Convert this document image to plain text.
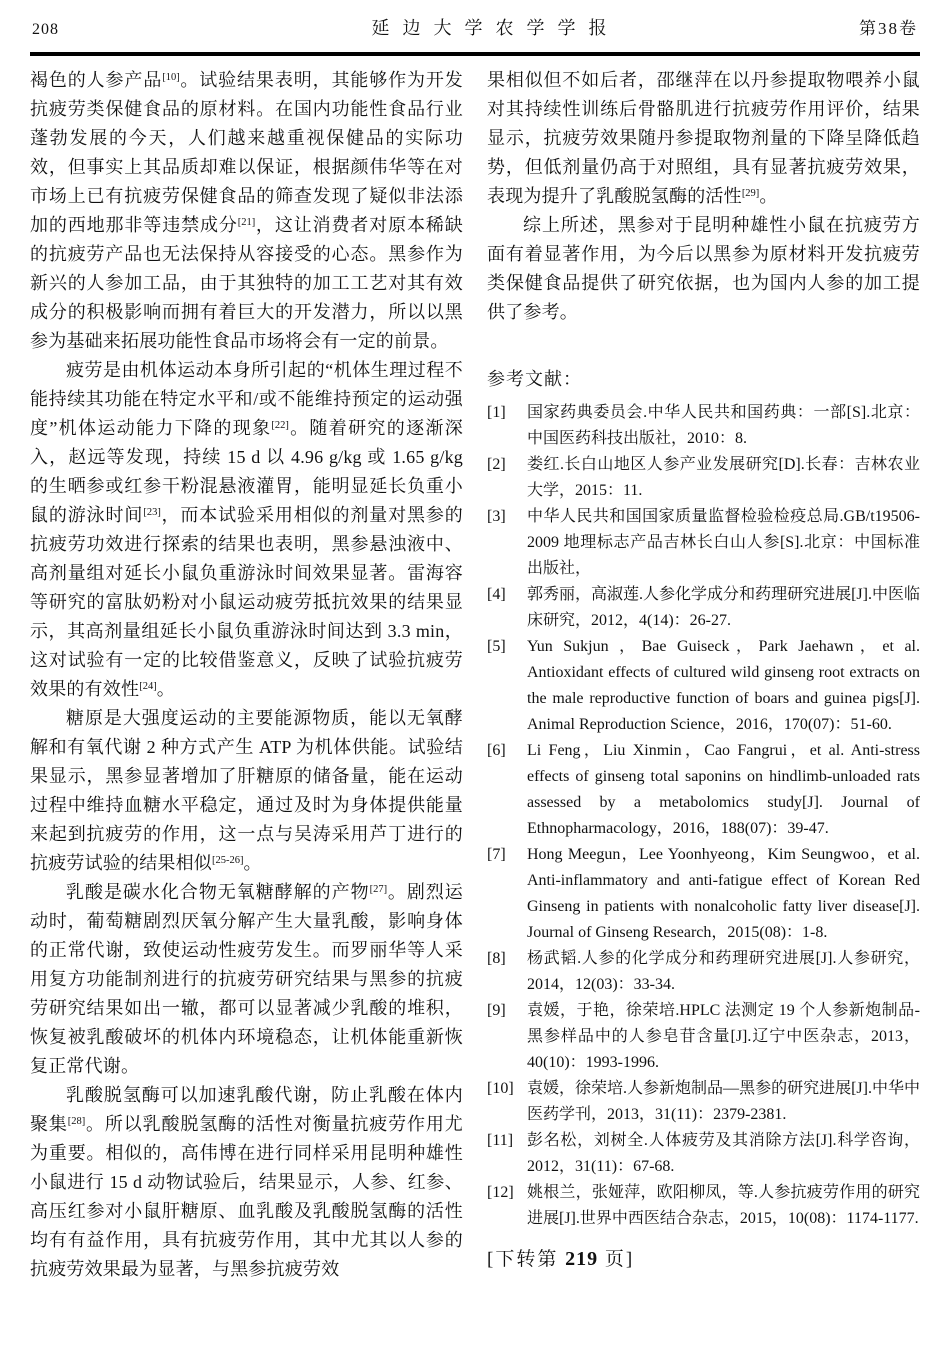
208	延边大学农学学报	第38卷

褐色的人参产品[10]。试验结果表明，其能够作为开发抗疲劳类保健食品的原材料。在国内功能性食品行业蓬勃发展的今天，人们越来越重视保健品的实际功效，但事实上其品质却难以保证，根据颜伟华等在对市场上已有抗疲劳保健食品的筛查发现了疑似非法添加的西地那非等违禁成分[21]，这让消费者对原本稀缺的抗疲劳产品也无法保持从容接受的心态。黑参作为新兴的人参加工品，由于其独特的加工工艺对其有效成分的积极影响而拥有着巨大的开发潜力，所以以黑参为基础来拓展功能性食品市场将会有一定的前景。

疲劳是由机体运动本身所引起的“机体生理过程不能持续其功能在特定水平和/或不能维持预定的运动强度”机体运动能力下降的现象[22]。随着研究的逐渐深入，赵远等发现，持续 15 d 以 4.96 g/kg 或 1.65 g/kg 的生晒参或红参干粉混悬液灌胃，能明显延长负重小鼠的游泳时间[23]，而本试验采用相似的剂量对黑参的抗疲劳功效进行探索的结果也表明，黑参悬浊液中、高剂量组对延长小鼠负重游泳时间效果显著。雷海容等研究的富肽奶粉对小鼠运动疲劳抵抗效果的结果显示，其高剂量组延长小鼠负重游泳时间达到 3.3 min，这对试验有一定的比较借鉴意义，反映了试验抗疲劳效果的有效性[24]。

糖原是大强度运动的主要能源物质，能以无氧酵解和有氧代谢 2 种方式产生 ATP 为机体供能。试验结果显示，黑参显著增加了肝糖原的储备量，能在运动过程中维持血糖水平稳定，通过及时为身体提供能量来起到抗疲劳的作用，这一点与吴涛采用芦丁进行的抗疲劳试验的结果相似[25-26]。

乳酸是碳水化合物无氧糖酵解的产物[27]。剧烈运动时，葡萄糖剧烈厌氧分解产生大量乳酸，影响身体的正常代谢，致使运动性疲劳发生。而罗丽华等人采用复方功能制剂进行的抗疲劳研究结果与黑参的抗疲劳研究结果如出一辙，都可以显著减少乳酸的堆积，恢复被乳酸破坏的机体内环境稳态，让机体能重新恢复正常代谢。

乳酸脱氢酶可以加速乳酸代谢，防止乳酸在体内聚集[28]。所以乳酸脱氢酶的活性对衡量抗疲劳作用尤为重要。相似的，高伟博在进行同样采用昆明种雄性小鼠进行 15 d 动物试验后，结果显示，人参、红参、高压红参对小鼠肝糖原、血乳酸及乳酸脱氢酶的活性均有有益作用，具有抗疲劳作用，其中尤其以人参的抗疲劳效果最为显著，与黑参抗疲劳效

果相似但不如后者，邵继萍在以丹参提取物喂养小鼠对其持续性训练后骨骼肌进行抗疲劳作用评价，结果显示，抗疲劳效果随丹参提取物剂量的下降呈降低趋势，但低剂量仍高于对照组，具有显著抗疲劳效果，表现为提升了乳酸脱氢酶的活性[29]。

综上所述，黑参对于昆明种雄性小鼠在抗疲劳方面有着显著作用，为今后以黑参为原材料开发抗疲劳类保健食品提供了研究依据，也为国内人参的加工提供了参考。

参考文献：
[1]	国家药典委员会.中华人民共和国药典：一部[S].北京：中国医药科技出版社，2010：8.
[2]	娄红.长白山地区人参产业发展研究[D].长春：吉林农业大学，2015：11.
[3]	中华人民共和国国家质量监督检验检疫总局.GB/t19506-2009 地理标志产品吉林长白山人参[S].北京：中国标准出版社，
[4]	郭秀丽，高淑莲.人参化学成分和药理研究进展[J].中医临床研究，2012，4(14)：26-27.
[5]	Yun Sukjun ，Bae Guiseck，Park Jaehawn，et al. Antioxidant effects of cultured wild ginseng root extracts on the male reproductive function of boars and guinea pigs[J]. Animal Reproduction Science，2016，170(07)：51-60.
[6]	Li Feng，Liu Xinmin，Cao Fangrui，et al. Anti-stress effects of ginseng total saponins on hindlimb-unloaded rats assessed by a metabolomics study[J]. Journal of Ethnopharmacology，2016，188(07)：39-47.
[7]	Hong Meegun，Lee Yoonhyeong，Kim Seungwoo，et al. Anti-inflammatory and anti-fatigue effect of Korean Red Ginseng in patients with nonalcoholic fatty liver disease[J]. Journal of Ginseng Research，2015(08)：1-8.
[8]	杨武韬.人参的化学成分和药理研究进展[J].人参研究，2014，12(03)：33-34.
[9]	袁媛，于艳，徐荣培.HPLC 法测定 19 个人参新炮制品-黑参样品中的人参皂苷含量[J].辽宁中医杂志，2013，40(10)：1993-1996.
[10] 袁媛，徐荣培.人参新炮制品—黑参的研究进展[J].中华中医药学刊，2013，31(11)：2379-2381.
[11] 彭名松，刘树全.人体疲劳及其消除方法[J].科学咨询，2012，31(11)：67-68.
[12] 姚根兰，张娅萍，欧阳柳凤，等.人参抗疲劳作用的研究进展[J].世界中西医结合杂志，2015，10(08)：1174-1177.
[下转第 219 页]
